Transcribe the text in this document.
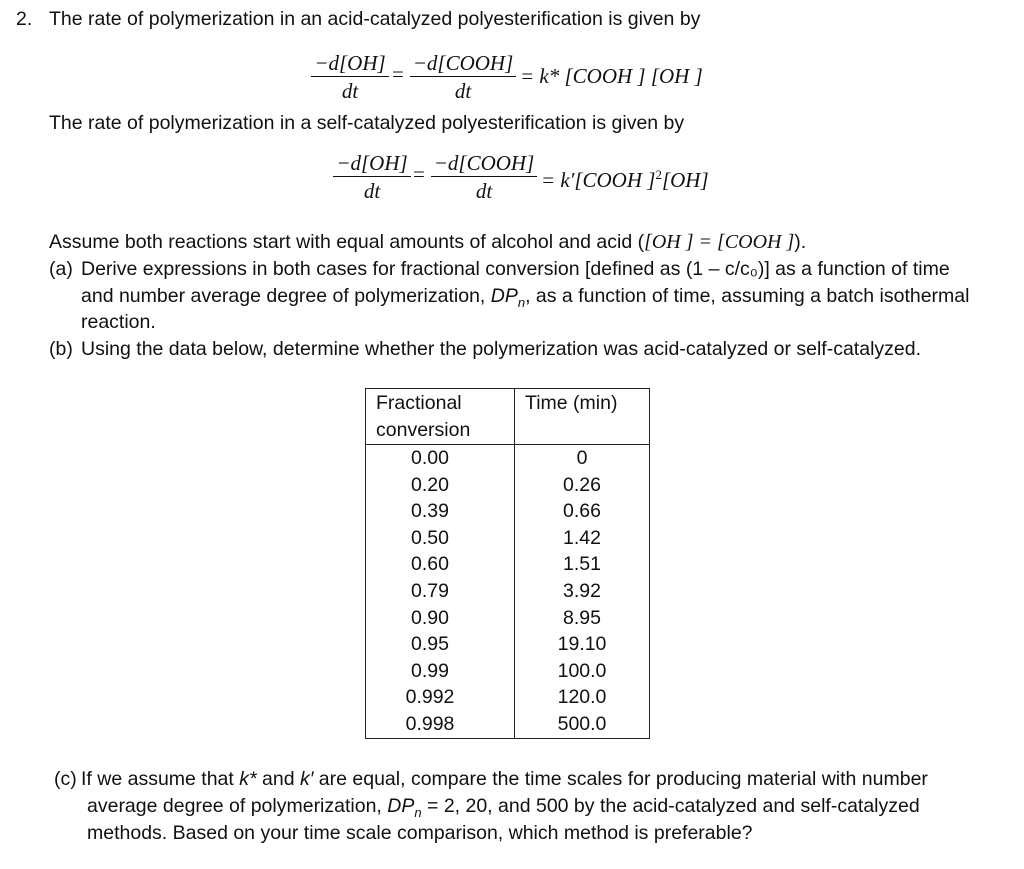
2. The rate of polymerization in an acid-catalyzed polyesterification is given by
$\frac{-d[OH]}{dt}$ = −d[COOH]
dt
= k* [COOH ] [OH ]
The rate of polymerization in a self-catalyzed polyesterification is given by
$\frac{-d[OH]}{dt}$ = −d[COOH]
dt	= k′[COOH ]$^2$[OH]
Assume both reactions start with equal amounts of alcohol and acid ([OH ] = [COOH ]).
(a) Derive expressions in both cases for fractional conversion [defined as (1 – c/c₀)] as a function of time
and number average degree of polymerization, $DP_n$, as a function of time, assuming a batch isothermal
reaction.
(b) Using the data below, determine whether the polymerization was acid-catalyzed or self-catalyzed.
Fractional
conversion	Time (min)
0.00	0
0.20	0.26
0.39	0.66
0.50	1.42
0.60	1.51
0.79	3.92
0.90	8.95
0.95	19.10
0.99	100.0
0.992	120.0
0.998	500.0
(c) If we assume that k* and k′ are equal, compare the time scales for producing material with number
average degree of polymerization, $DP_n = 2$, 20, and 500 by the acid-catalyzed and self-catalyzed
methods. Based on your time scale comparison, which method is preferable?
